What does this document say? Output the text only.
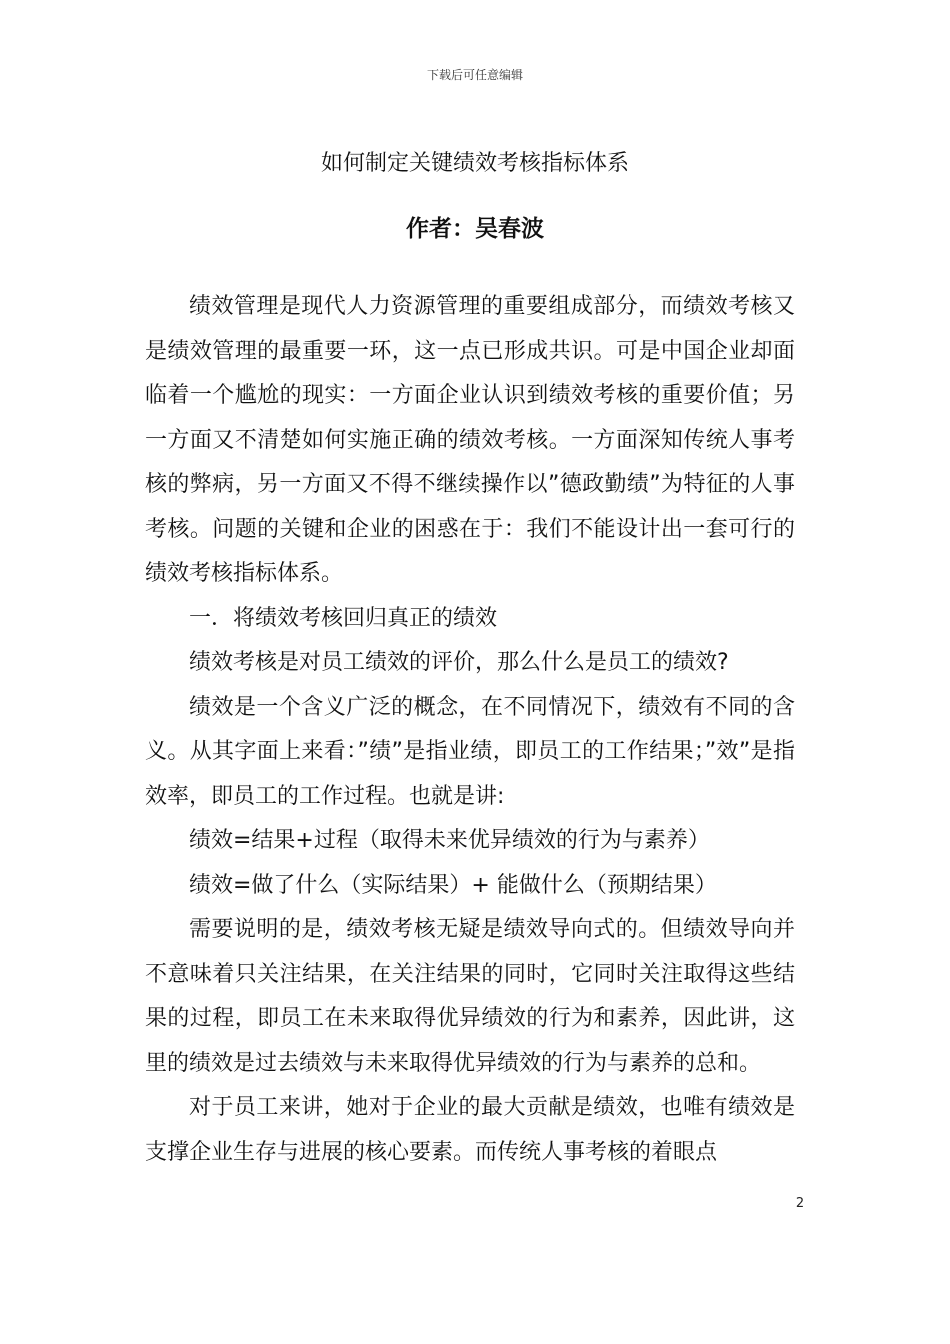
下载后可任意编辑
如何制定关键绩效考核指标体系
作者：吴春波

绩效管理是现代人力资源管理的重要组成部分，而绩效考核又是绩效管理的最重要一环，这一点已形成共识。可是中国企业却面临着一个尴尬的现实：一方面企业认识到绩效考核的重要价值；另一方面又不清楚如何实施正确的绩效考核。一方面深知传统人事考核的弊病，另一方面又不得不继续操作以”德政勤绩”为特征的人事考核。问题的关键和企业的困惑在于：我们不能设计出一套可行的绩效考核指标体系。

一．将绩效考核回归真正的绩效

绩效考核是对员工绩效的评价，那么什么是员工的绩效?

绩效是一个含义广泛的概念，在不同情况下，绩效有不同的含义。从其字面上来看：”绩”是指业绩，即员工的工作结果；”效”是指效率，即员工的工作过程。也就是讲:

绩效=结果+过程（取得未来优异绩效的行为与素养）

绩效=做了什么（实际结果）+ 能做什么（预期结果）

需要说明的是，绩效考核无疑是绩效导向式的。但绩效导向并不意味着只关注结果，在关注结果的同时，它同时关注取得这些结果的过程，即员工在未来取得优异绩效的行为和素养，因此讲，这里的绩效是过去绩效与未来取得优异绩效的行为与素养的总和。

对于员工来讲，她对于企业的最大贡献是绩效，也唯有绩效是支撑企业生存与进展的核心要素。而传统人事考核的着眼点

2
